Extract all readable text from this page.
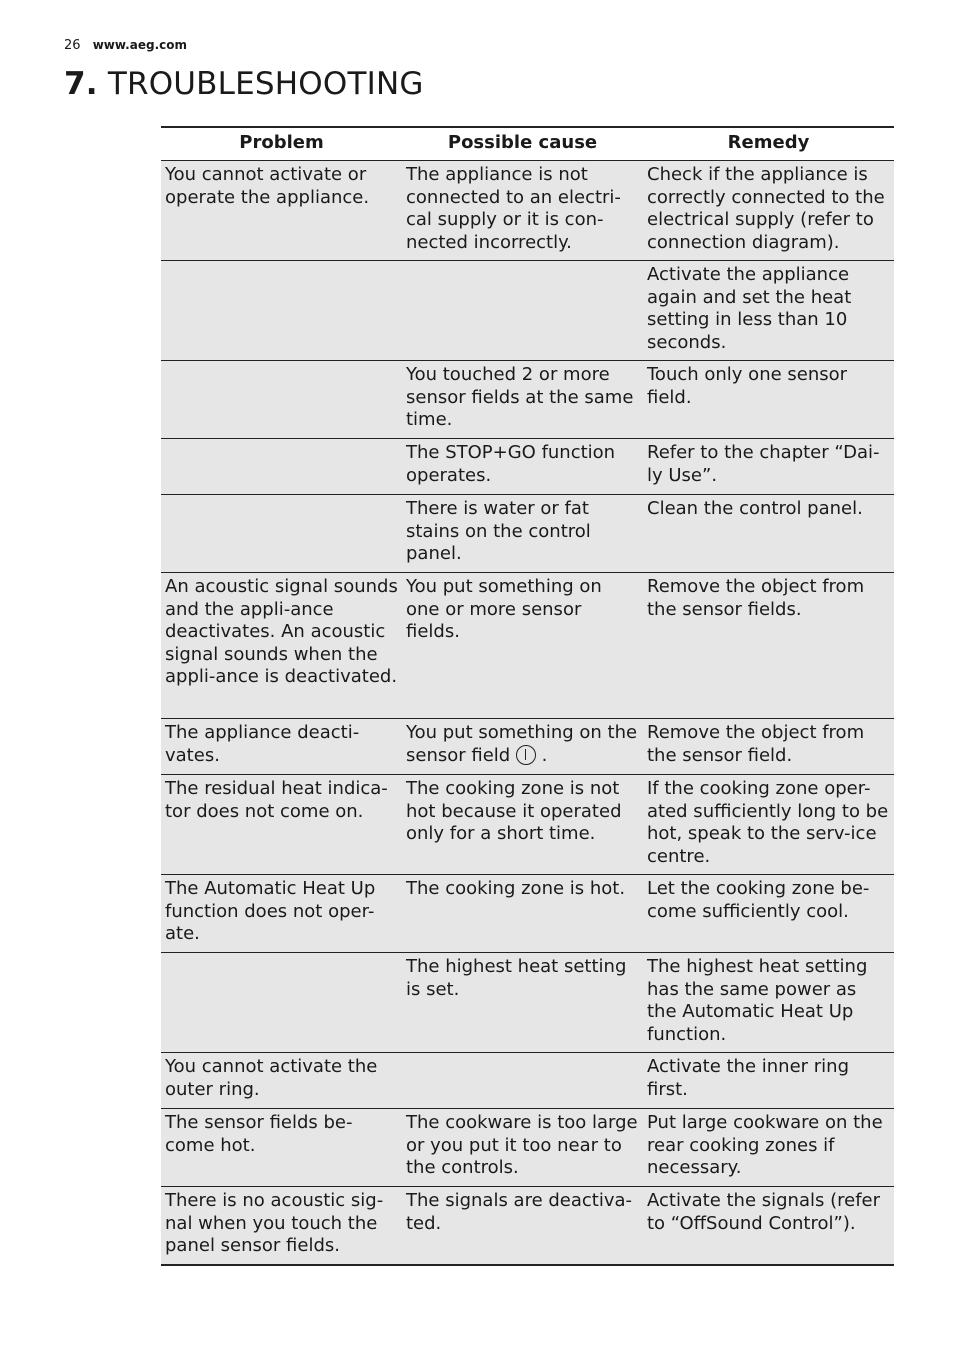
26 www.aeg.com
7. TROUBLESHOOTING
Problem	Possible cause	Remedy
You cannot activate or operate the appliance.	The appliance is not connected to an electri-cal supply or it is con-nected incorrectly.	Check if the appliance is correctly connected to the electrical supply (refer to connection diagram).
		Activate the appliance again and set the heat setting in less than 10 seconds.
	You touched 2 or more sensor fields at the same time.	Touch only one sensor field.
	The STOP+GO function operates.	Refer to the chapter “Dai-ly Use”.
	There is water or fat stains on the control panel.	Clean the control panel.
An acoustic signal sounds and the appli-ance deactivates. An acoustic signal sounds when the appli-ance is deactivated.	You put something on one or more sensor fields.	Remove the object from the sensor fields.
The appliance deacti-vates.	You put something on the sensor field  .	Remove the object from the sensor field.
The residual heat indica-tor does not come on.	The cooking zone is not hot because it operated only for a short time.	If the cooking zone oper-ated sufficiently long to be hot, speak to the serv-ice centre.
The Automatic Heat Up function does not oper-ate.	The cooking zone is hot.	Let the cooking zone be-come sufficiently cool.
	The highest heat setting is set.	The highest heat setting has the same power as the Automatic Heat Up function.
You cannot activate the outer ring.		Activate the inner ring first.
The sensor fields be-come hot.	The cookware is too large or you put it too near to the controls.	Put large cookware on the rear cooking zones if necessary.
There is no acoustic sig-nal when you touch the panel sensor fields.	The signals are deactiva-ted.	Activate the signals (refer to “OffSound Control”).
